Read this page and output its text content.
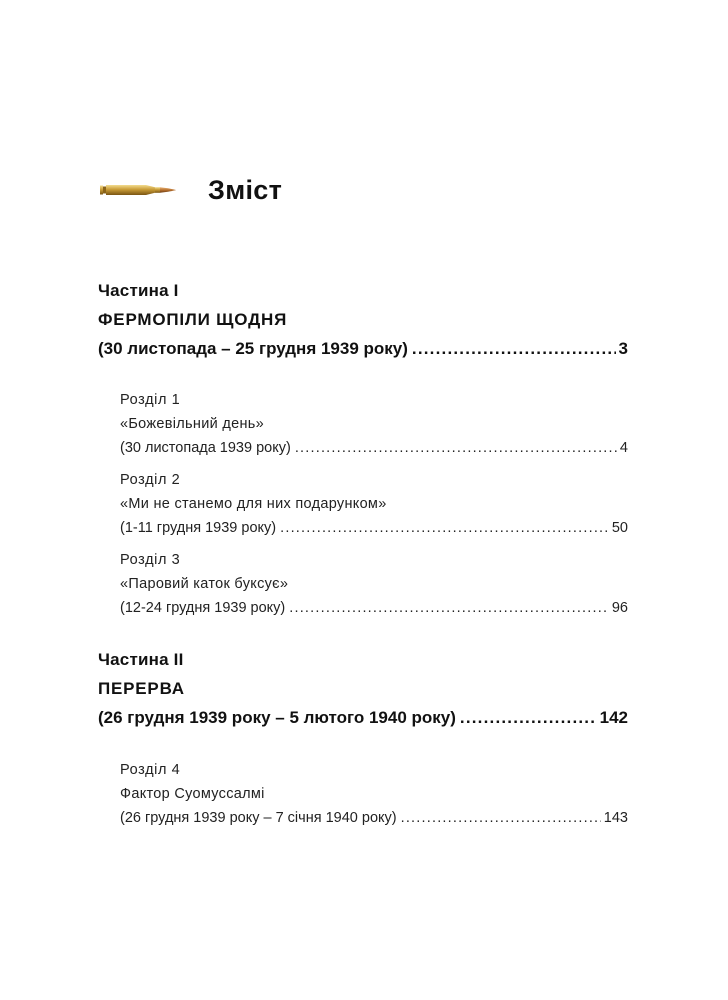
Зміст
Частина І
ФЕРМОПІЛИ ЩОДНЯ
(30 листопада – 25 грудня 1939 року) .....	3
Розділ 1
«Божевільний день»
(30 листопада 1939 року) .....	4
Розділ 2
«Ми не станемо для них подарунком»
(1-11 грудня 1939 року) .....	50
Розділ 3
«Паровий каток буксує»
(12-24 грудня 1939 року) .....	96
Частина ІІ
ПЕРЕРВА
(26 грудня 1939 року – 5 лютого 1940 року) .....	142
Розділ 4
Фактор Суомуссалмі
(26 грудня 1939 року – 7 січня 1940 року) .....	143
